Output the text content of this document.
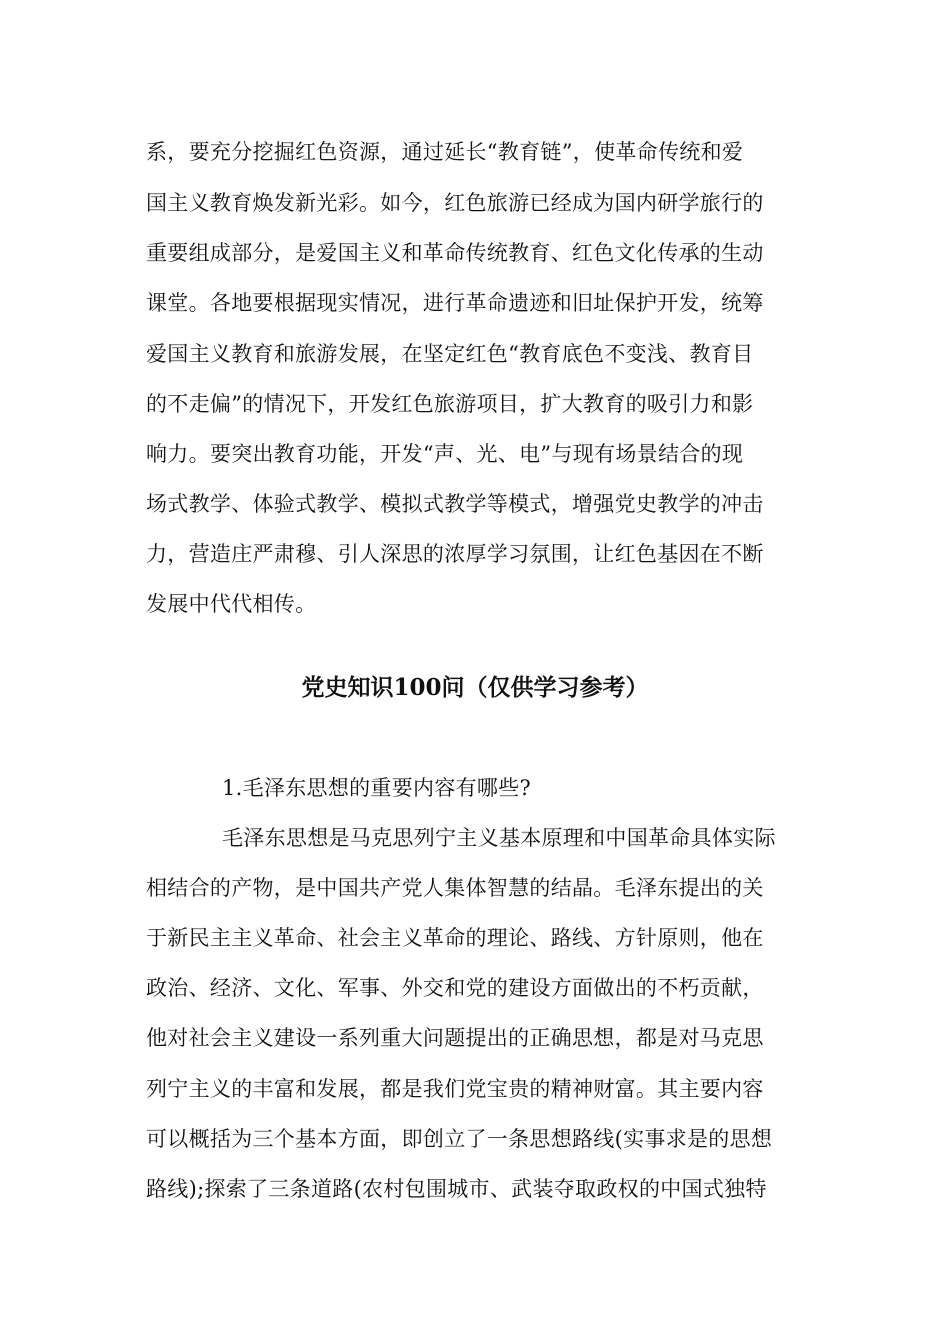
系，要充分挖掘红色资源，通过延长“教育链”，使革命传统和爱
国主义教育焕发新光彩。如今，红色旅游已经成为国内研学旅行的
重要组成部分，是爱国主义和革命传统教育、红色文化传承的生动
课堂。各地要根据现实情况，进行革命遗迹和旧址保护开发，统筹
爱国主义教育和旅游发展，在坚定红色“教育底色不变浅、教育目
的不走偏”的情况下，开发红色旅游项目，扩大教育的吸引力和影
响力。要突出教育功能，开发“声、光、电”与现有场景结合的现
场式教学、体验式教学、模拟式教学等模式，增强党史教学的冲击
力，营造庄严肃穆、引人深思的浓厚学习氛围，让红色基因在不断
发展中代代相传。
党史知识100问（仅供学习参考）
1.毛泽东思想的重要内容有哪些?
毛泽东思想是马克思列宁主义基本原理和中国革命具体实际
相结合的产物，是中国共产党人集体智慧的结晶。毛泽东提出的关
于新民主主义革命、社会主义革命的理论、路线、方针原则，他在
政治、经济、文化、军事、外交和党的建设方面做出的不朽贡献，
他对社会主义建设一系列重大问题提出的正确思想，都是对马克思
列宁主义的丰富和发展，都是我们党宝贵的精神财富。其主要内容
可以概括为三个基本方面，即创立了一条思想路线(实事求是的思想
路线);探索了三条道路(农村包围城市、武装夺取政权的中国式独特
